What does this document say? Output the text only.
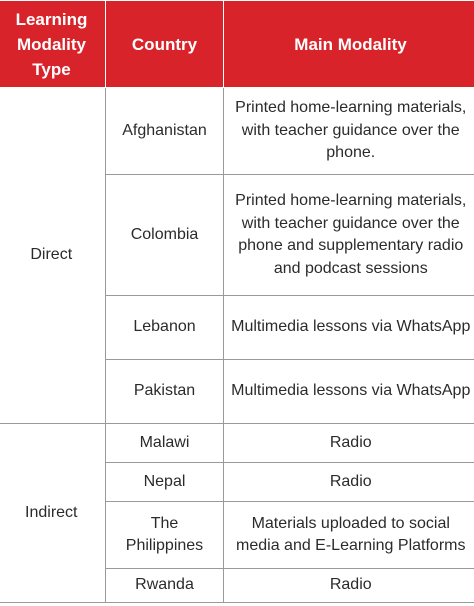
Learning Modality Type	Country	Main Modality
Direct	Afghanistan	Printed home-learning materials, with teacher guidance over the phone.
	Colombia	Printed home-learning materials, with teacher guidance over the phone and supplementary radio and podcast sessions
	Lebanon	Multimedia lessons via WhatsApp
	Pakistan	Multimedia lessons via WhatsApp
Indirect	Malawi	Radio
	Nepal	Radio
	The Philippines	Materials uploaded to social media and E-Learning Platforms
	Rwanda	Radio
